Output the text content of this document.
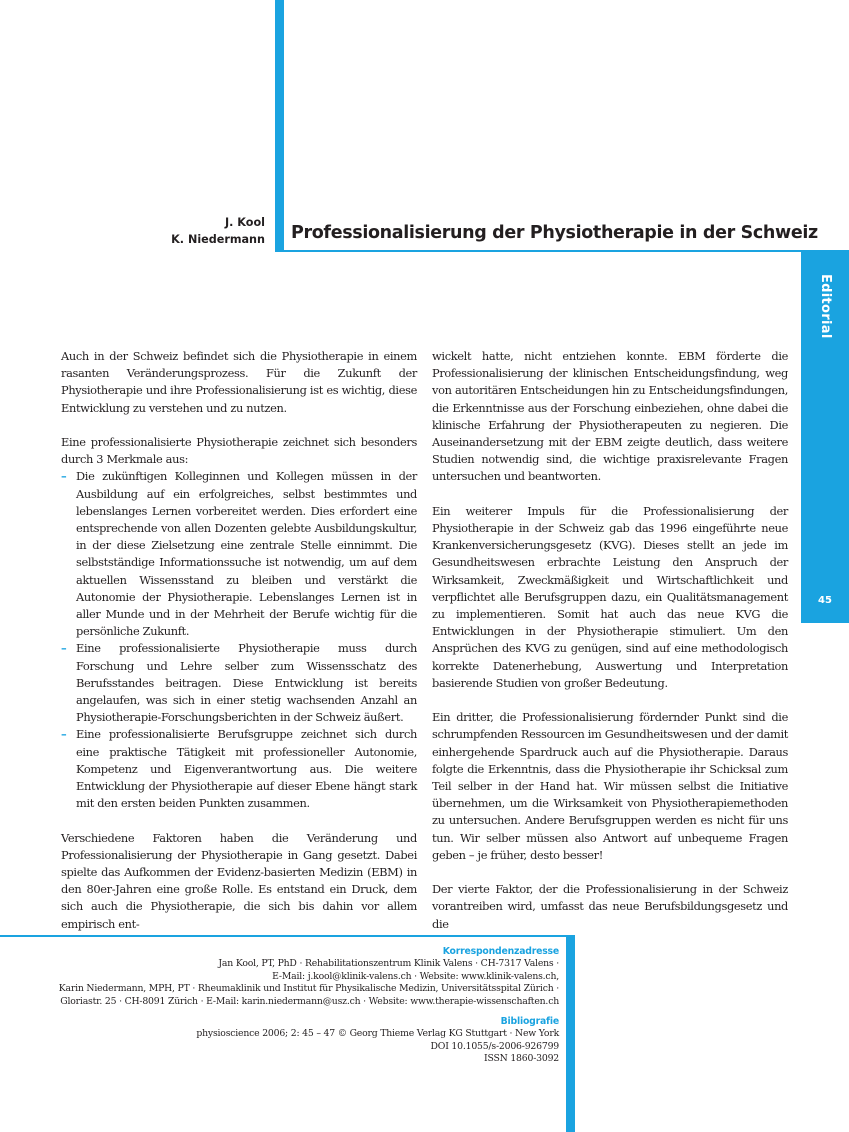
J. Kool
K. Niedermann Professionalisierung der Physiotherapie in der Schweiz
Editorial
45

Auch in der Schweiz befindet sich die Physiotherapie in einem rasanten Veränderungsprozess. Für die Zukunft der Physiotherapie und ihre Professionalisierung ist es wichtig, diese Entwicklung zu verstehen und zu nutzen.

Eine professionalisierte Physiotherapie zeichnet sich besonders durch 3 Merkmale aus:

– Die zukünftigen Kolleginnen und Kollegen müssen in der Ausbildung auf ein erfolgreiches, selbst bestimmtes und lebenslanges Lernen vorbereitet werden. Dies erfordert eine entsprechende von allen Dozenten gelebte Ausbildungskultur, in der diese Zielsetzung eine zentrale Stelle einnimmt. Die selbstständige Informationssuche ist notwendig, um auf dem aktuellen Wissensstand zu bleiben und verstärkt die Autonomie der Physiotherapie. Lebenslanges Lernen ist in aller Munde und in der Mehrheit der Berufe wichtig für die persönliche Zukunft.
– Eine professionalisierte Physiotherapie muss durch Forschung und Lehre selber zum Wissensschatz des Berufsstandes beitragen. Diese Entwicklung ist bereits angelaufen, was sich in einer stetig wachsenden Anzahl an Physiotherapie-Forschungsberichten in der Schweiz äußert.
– Eine professionalisierte Berufsgruppe zeichnet sich durch eine praktische Tätigkeit mit professioneller Autonomie, Kompetenz und Eigenverantwortung aus. Die weitere Entwicklung der Physiotherapie auf dieser Ebene hängt stark mit den ersten beiden Punkten zusammen.

Verschiedene Faktoren haben die Veränderung und Professionalisierung der Physiotherapie in Gang gesetzt. Dabei spielte das Aufkommen der Evidenz-basierten Medizin (EBM) in den 80er-Jahren eine große Rolle. Es entstand ein Druck, dem sich auch die Physiotherapie, die sich bis dahin vor allem empirisch ent-

wickelt hatte, nicht entziehen konnte. EBM förderte die Professionalisierung der klinischen Entscheidungsfindung, weg von autoritären Entscheidungen hin zu Entscheidungsfindungen, die Erkenntnisse aus der Forschung einbeziehen, ohne dabei die klinische Erfahrung der Physiotherapeuten zu negieren. Die Auseinandersetzung mit der EBM zeigte deutlich, dass weitere Studien notwendig sind, die wichtige praxisrelevante Fragen untersuchen und beantworten.

Ein weiterer Impuls für die Professionalisierung der Physiotherapie in der Schweiz gab das 1996 eingeführte neue Krankenversicherungsgesetz (KVG). Dieses stellt an jede im Gesundheitswesen erbrachte Leistung den Anspruch der Wirksamkeit, Zweckmäßigkeit und Wirtschaftlichkeit und verpflichtet alle Berufsgruppen dazu, ein Qualitätsmanagement zu implementieren. Somit hat auch das neue KVG die Entwicklungen in der Physiotherapie stimuliert. Um den Ansprüchen des KVG zu genügen, sind auf eine methodologisch korrekte Datenerhebung, Auswertung und Interpretation basierende Studien von großer Bedeutung.

Ein dritter, die Professionalisierung fördernder Punkt sind die schrumpfenden Ressourcen im Gesundheitswesen und der damit einhergehende Spardruck auch auf die Physiotherapie. Daraus folgte die Erkenntnis, dass die Physiotherapie ihr Schicksal zum Teil selber in der Hand hat. Wir müssen selbst die Initiative übernehmen, um die Wirksamkeit von Physiotherapiemethoden zu untersuchen. Andere Berufsgruppen werden es nicht für uns tun. Wir selber müssen also Antwort auf unbequeme Fragen geben – je früher, desto besser!

Der vierte Faktor, der die Professionalisierung in der Schweiz vorantreiben wird, umfasst das neue Berufsbildungsgesetz und die

Korrespondenzadresse
Jan Kool, PT, PhD · Rehabilitationszentrum Klinik Valens · CH-7317 Valens ·
E-Mail: j.kool@klinik-valens.ch · Website: www.klinik-valens.ch,
Karin Niedermann, MPH, PT · Rheumaklinik und Institut für Physikalische Medizin, Universitätsspital Zürich ·
Gloriastr. 25 · CH-8091 Zürich · E-Mail: karin.niedermann@usz.ch · Website: www.therapie-wissenschaften.ch
Bibliografie
physioscience 2006; 2: 45 – 47 © Georg Thieme Verlag KG Stuttgart · New York
DOI 10.1055/s-2006-926799
ISSN 1860-3092
